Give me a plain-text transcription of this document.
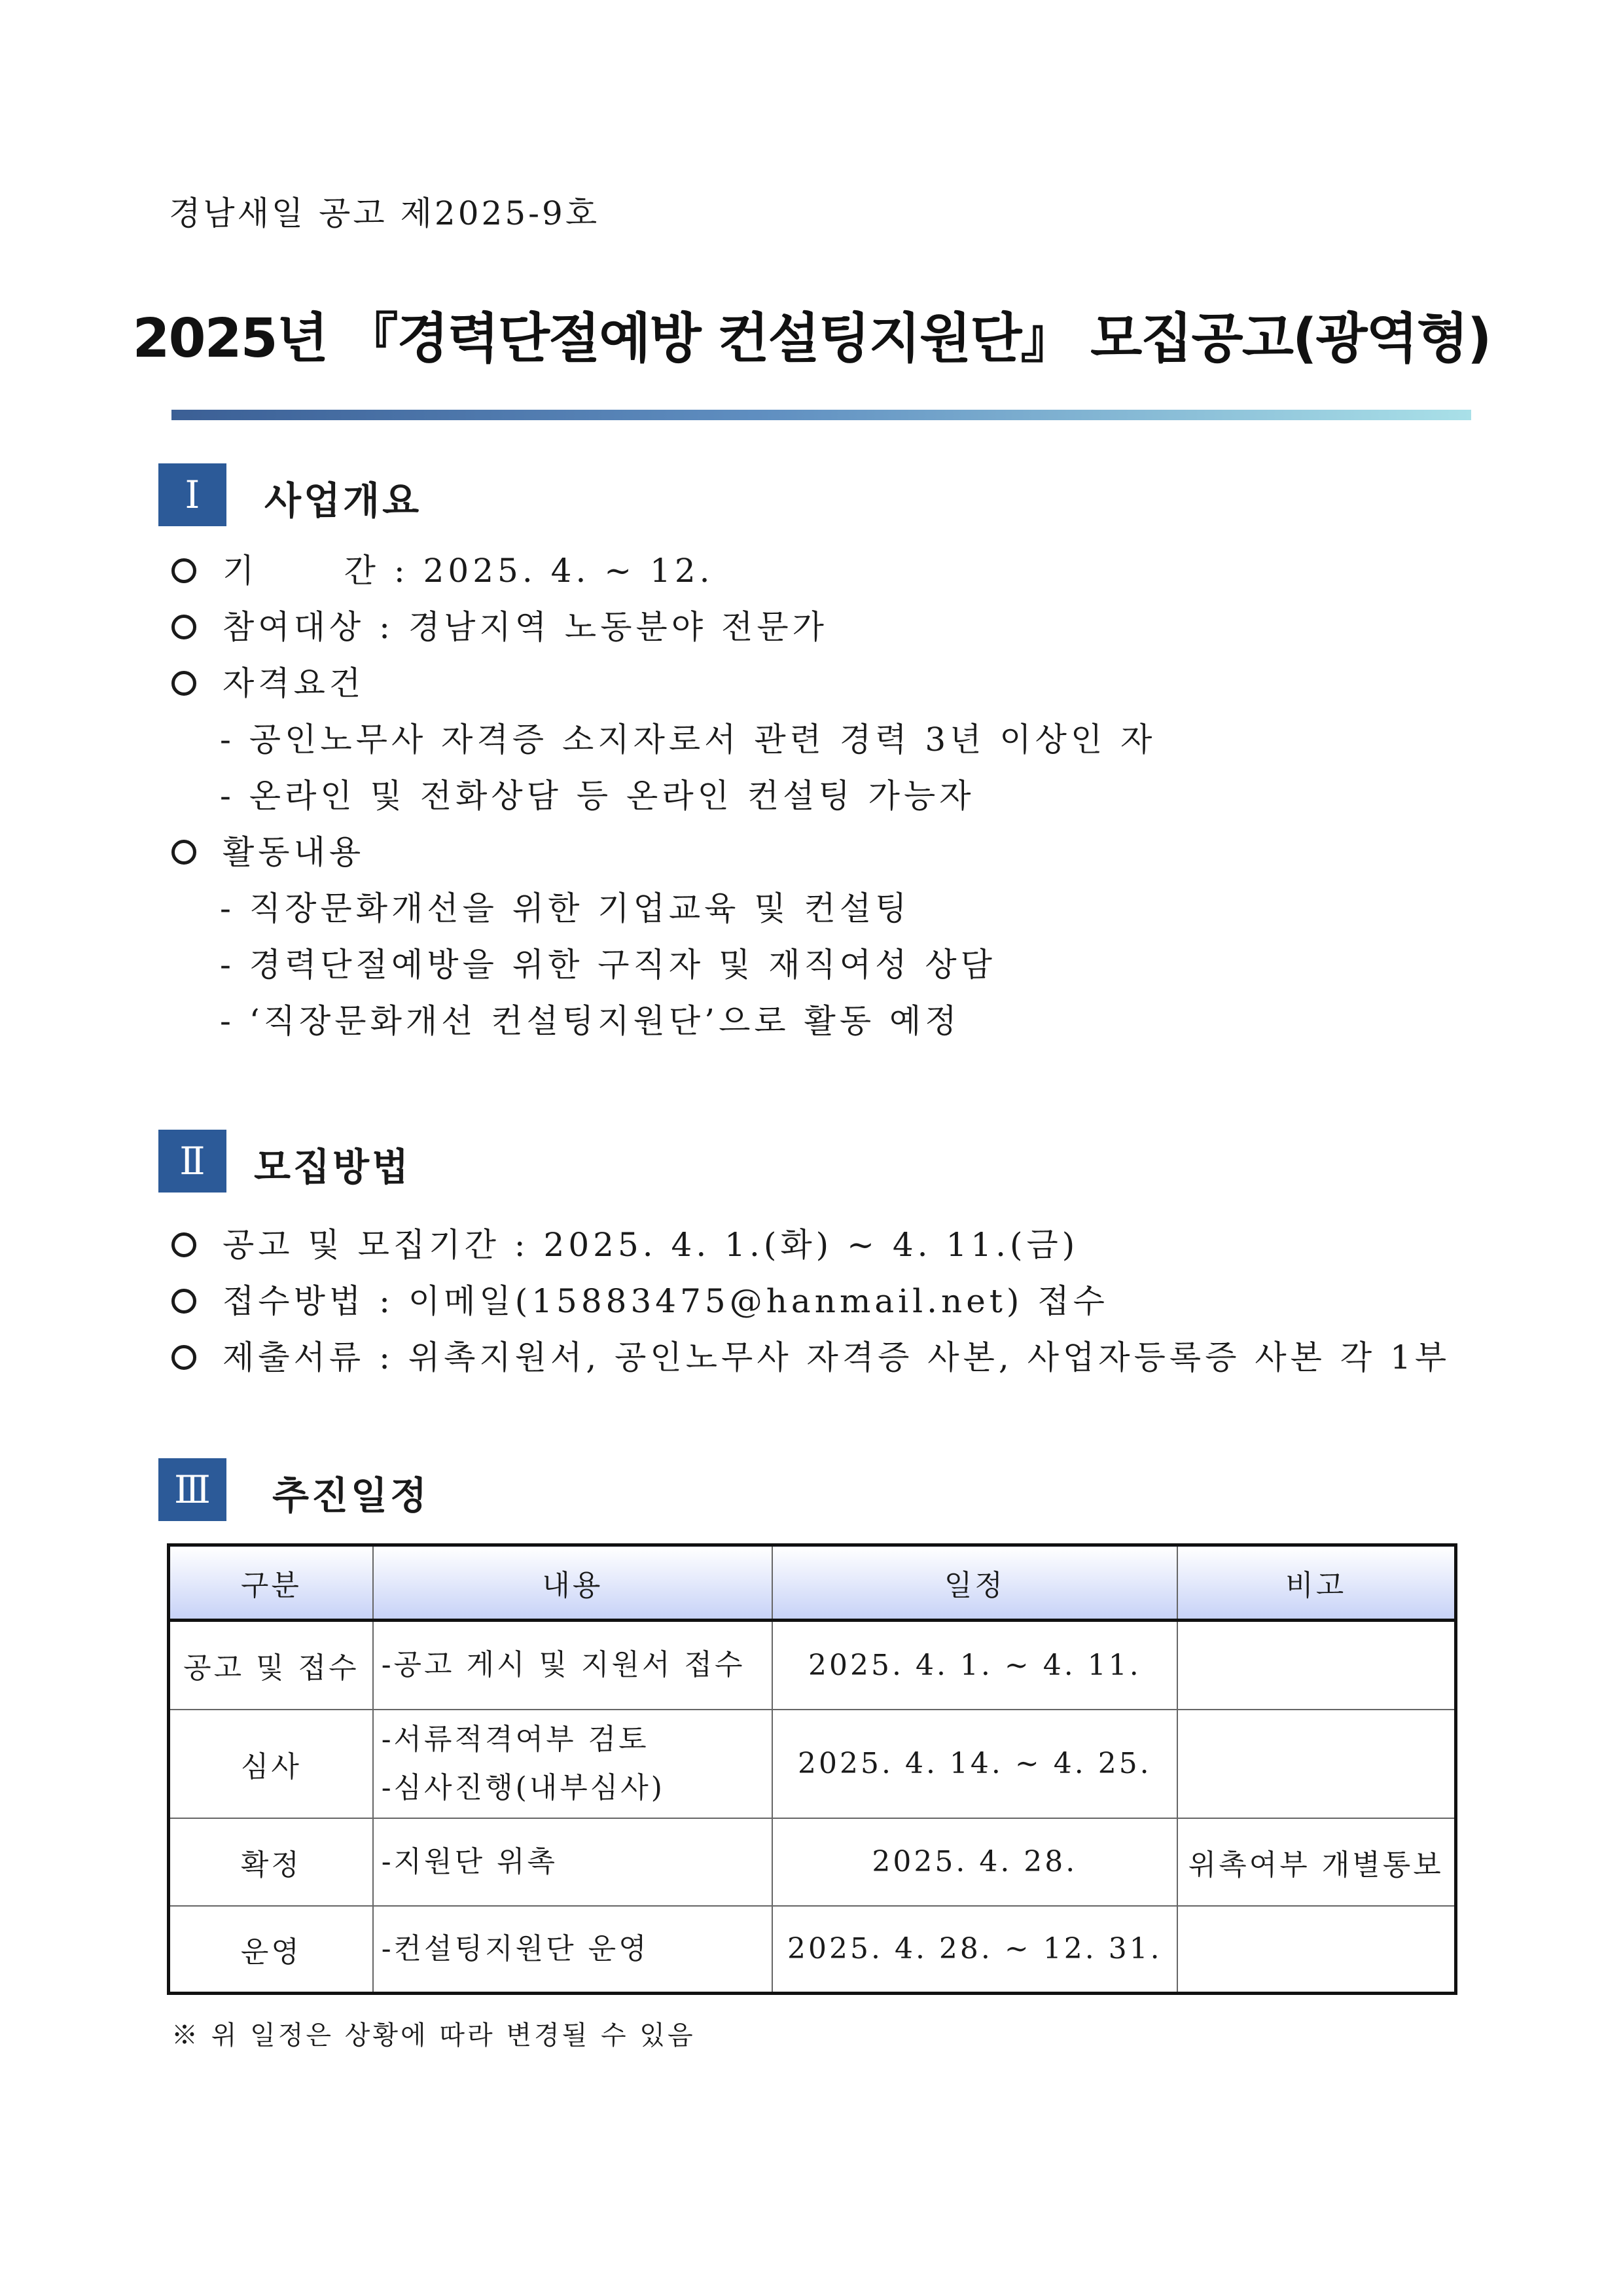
경남새일 공고 제2025-9호
2025년 『경력단절예방 컨설팅지원단』 모집공고(광역형)
Ⅰ	사업개요
기      간 : 2025. 4. ~ 12.
참여대상 : 경남지역 노동분야 전문가
자격요건
- 공인노무사 자격증 소지자로서 관련 경력 3년 이상인 자
- 온라인 및 전화상담 등 온라인 컨설팅 가능자
활동내용
- 직장문화개선을 위한 기업교육 및 컨설팅
- 경력단절예방을 위한 구직자 및 재직여성 상담
- ‘직장문화개선 컨설팅지원단’으로 활동 예정
Ⅱ	모집방법
공고 및 모집기간 : 2025. 4. 1.(화) ~ 4. 11.(금)
접수방법 : 이메일(15883475@hanmail.net) 접수
제출서류 : 위촉지원서, 공인노무사 자격증 사본, 사업자등록증 사본 각 1부
Ⅲ	추진일정
구분	내용	일정	비고
공고 및 접수	-공고 게시 및 지원서 접수	2025. 4. 1. ~ 4. 11.	
심사	-서류적격여부 검토
-심사진행(내부심사)	2025. 4. 14. ~ 4. 25.	
확정	-지원단 위촉	2025. 4. 28.	위촉여부 개별통보
운영	-컨설팅지원단 운영	2025. 4. 28. ~ 12. 31.	
※ 위 일정은 상황에 따라 변경될 수 있음
